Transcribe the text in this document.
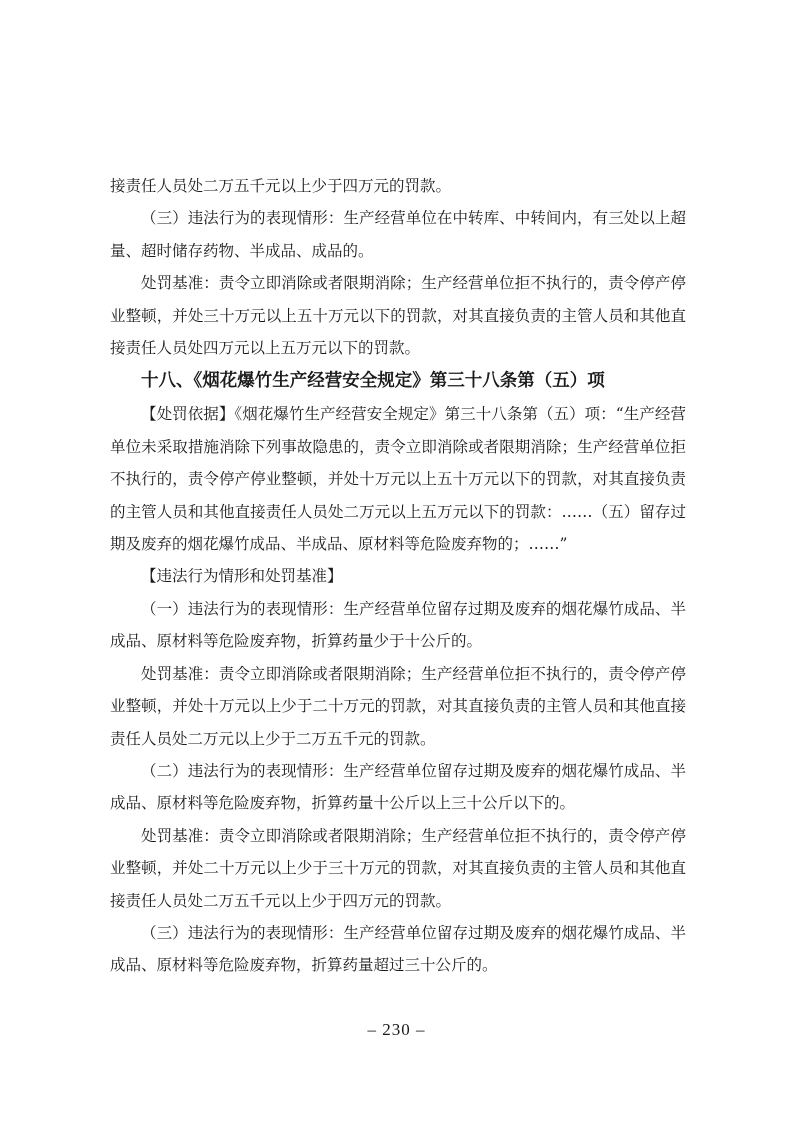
接责任人员处二万五千元以上少于四万元的罚款。

（三）违法行为的表现情形：生产经营单位在中转库、中转间内，有三处以上超量、超时储存药物、半成品、成品的。

处罚基准：责令立即消除或者限期消除；生产经营单位拒不执行的，责令停产停业整顿，并处三十万元以上五十万元以下的罚款，对其直接负责的主管人员和其他直接责任人员处四万元以上五万元以下的罚款。

十八、《烟花爆竹生产经营安全规定》第三十八条第（五）项

【处罚依据】《烟花爆竹生产经营安全规定》第三十八条第（五）项：“生产经营单位未采取措施消除下列事故隐患的，责令立即消除或者限期消除；生产经营单位拒不执行的，责令停产停业整顿，并处十万元以上五十万元以下的罚款，对其直接负责的主管人员和其他直接责任人员处二万元以上五万元以下的罚款：……（五）留存过期及废弃的烟花爆竹成品、半成品、原材料等危险废弃物的；……”

【违法行为情形和处罚基准】

（一）违法行为的表现情形：生产经营单位留存过期及废弃的烟花爆竹成品、半成品、原材料等危险废弃物，折算药量少于十公斤的。

处罚基准：责令立即消除或者限期消除；生产经营单位拒不执行的，责令停产停业整顿，并处十万元以上少于二十万元的罚款，对其直接负责的主管人员和其他直接责任人员处二万元以上少于二万五千元的罚款。

（二）违法行为的表现情形：生产经营单位留存过期及废弃的烟花爆竹成品、半成品、原材料等危险废弃物，折算药量十公斤以上三十公斤以下的。

处罚基准：责令立即消除或者限期消除；生产经营单位拒不执行的，责令停产停业整顿，并处二十万元以上少于三十万元的罚款，对其直接负责的主管人员和其他直接责任人员处二万五千元以上少于四万元的罚款。

（三）违法行为的表现情形：生产经营单位留存过期及废弃的烟花爆竹成品、半成品、原材料等危险废弃物，折算药量超过三十公斤的。

– 230 –
